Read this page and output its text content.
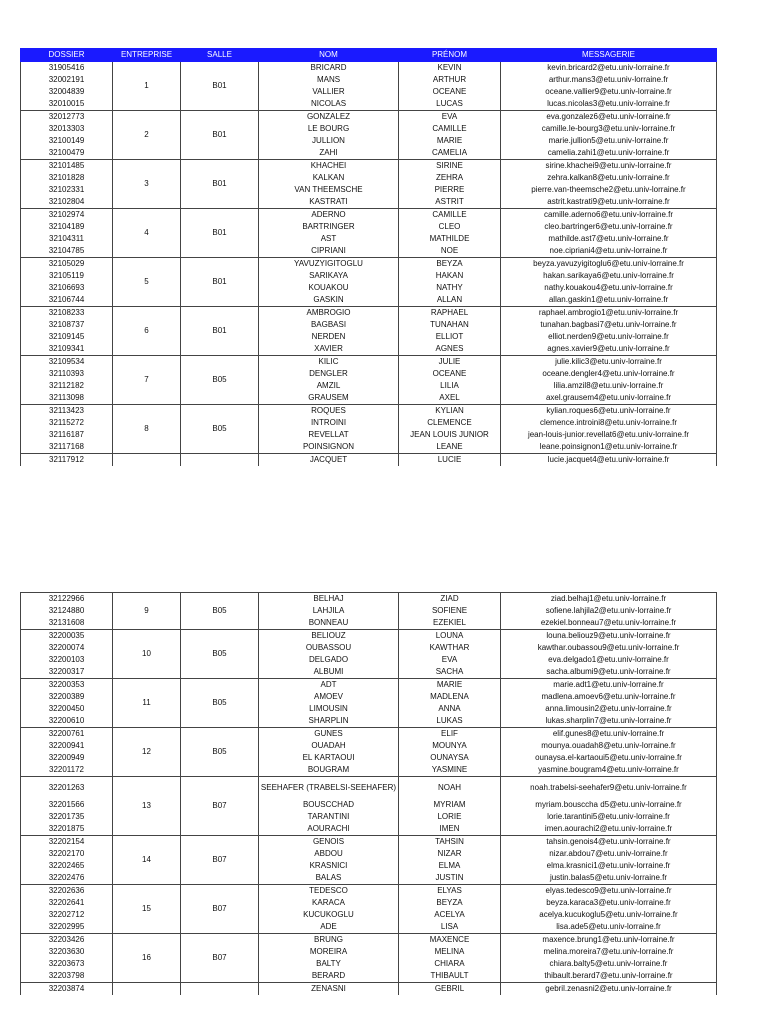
DOSSIER	ENTREPRISE	SALLE	NOM	PRÉNOM	MESSAGERIE
31905416	1	B01	BRICARD	KEVIN	kevin.bricard2@etu.univ-lorraine.fr
32002191			MANS	ARTHUR	arthur.mans3@etu.univ-lorraine.fr
32004839			VALLIER	OCEANE	oceane.vallier9@etu.univ-lorraine.fr
32010015			NICOLAS	LUCAS	lucas.nicolas3@etu.univ-lorraine.fr
32012773	2	B01	GONZALEZ	EVA	eva.gonzalez6@etu.univ-lorraine.fr
32013303			LE BOURG	CAMILLE	camille.le-bourg3@etu.univ-lorraine.fr
32100149			JULLION	MARIE	marie.jullion5@etu.univ-lorraine.fr
32100479			ZAHI	CAMELIA	camelia.zahi1@etu.univ-lorraine.fr
32101485	3	B01	KHACHEI	SIRINE	sirine.khachei9@etu.univ-lorraine.fr
32101828			KALKAN	ZEHRA	zehra.kalkan8@etu.univ-lorraine.fr
32102331			VAN THEEMSCHE	PIERRE	pierre.van-theemsche2@etu.univ-lorraine.fr
32102804			KASTRATI	ASTRIT	astrit.kastrati9@etu.univ-lorraine.fr
32102974	4	B01	ADERNO	CAMILLE	camille.aderno6@etu.univ-lorraine.fr
32104189			BARTRINGER	CLEO	cleo.bartringer6@etu.univ-lorraine.fr
32104311			AST	MATHILDE	mathilde.ast7@etu.univ-lorraine.fr
32104785			CIPRIANI	NOE	noe.cipriani4@etu.univ-lorraine.fr
32105029	5	B01	YAVUZYIGITOGLU	BEYZA	beyza.yavuzyigitoglu6@etu.univ-lorraine.fr
32105119			SARIKAYA	HAKAN	hakan.sarikaya6@etu.univ-lorraine.fr
32106693			KOUAKOU	NATHY	nathy.kouakou4@etu.univ-lorraine.fr
32106744			GASKIN	ALLAN	allan.gaskin1@etu.univ-lorraine.fr
32108233	6	B01	AMBROGIO	RAPHAEL	raphael.ambrogio1@etu.univ-lorraine.fr
32108737			BAGBASI	TUNAHAN	tunahan.bagbasi7@etu.univ-lorraine.fr
32109145			NERDEN	ELLIOT	elliot.nerden9@etu.univ-lorraine.fr
32109341			XAVIER	AGNES	agnes.xavier9@etu.univ-lorraine.fr
32109534	7	B05	KILIC	JULIE	julie.kilic3@etu.univ-lorraine.fr
32110393			DENGLER	OCEANE	oceane.dengler4@etu.univ-lorraine.fr
32112182			AMZIL	LILIA	lilia.amzil8@etu.univ-lorraine.fr
32113098			GRAUSEM	AXEL	axel.grausem4@etu.univ-lorraine.fr
32113423	8	B05	ROQUES	KYLIAN	kylian.roques6@etu.univ-lorraine.fr
32115272			INTROINI	CLEMENCE	clemence.introini8@etu.univ-lorraine.fr
32116187			REVELLAT	JEAN LOUIS JUNIOR	jean-louis-junior.revellat6@etu.univ-lorraine.fr
32117168			POINSIGNON	LEANE	leane.poinsignon1@etu.univ-lorraine.fr
32117912			JACQUET	LUCIE	lucie.jacquet4@etu.univ-lorraine.fr
32122966	9	B05	BELHAJ	ZIAD	ziad.belhaj1@etu.univ-lorraine.fr
32124880			LAHJILA	SOFIENE	sofiene.lahjila2@etu.univ-lorraine.fr
32131608			BONNEAU	EZEKIEL	ezekiel.bonneau7@etu.univ-lorraine.fr
32200035	10	B05	BELIOUZ	LOUNA	louna.beliouz9@etu.univ-lorraine.fr
32200074			OUBASSOU	KAWTHAR	kawthar.oubassou9@etu.univ-lorraine.fr
32200103			DELGADO	EVA	eva.delgado1@etu.univ-lorraine.fr
32200317			ALBUMI	SACHA	sacha.albumi9@etu.univ-lorraine.fr
32200353	11	B05	ADT	MARIE	marie.adt1@etu.univ-lorraine.fr
32200389			AMOEV	MADLENA	madlena.amoev6@etu.univ-lorraine.fr
32200450			LIMOUSIN	ANNA	anna.limousin2@etu.univ-lorraine.fr
32200610			SHARPLIN	LUKAS	lukas.sharplin7@etu.univ-lorraine.fr
32200761	12	B05	GUNES	ELIF	elif.gunes8@etu.univ-lorraine.fr
32200941			OUADAH	MOUNYA	mounya.ouadah8@etu.univ-lorraine.fr
32200949			EL KARTAOUI	OUNAYSA	ounaysa.el-kartaoui5@etu.univ-lorraine.fr
32201172			BOUGRAM	YASMINE	yasmine.bougram4@etu.univ-lorraine.fr
32201263	13	B07	SEEHAFER (TRABELSI-SEEHAFER)	NOAH	noah.trabelsi-seehafer9@etu.univ-lorraine.fr
32201566			BOUSCCHAD	MYRIAM	myriam.bousccha d5@etu.univ-lorraine.fr
32201735			TARANTINI	LORIE	lorie.tarantini5@etu.univ-lorraine.fr
32201875			AOURACHI	IMEN	imen.aourachi2@etu.univ-lorraine.fr
32202154	14	B07	GENOIS	TAHSIN	tahsin.genois4@etu.univ-lorraine.fr
32202170			ABDOU	NIZAR	nizar.abdou7@etu.univ-lorraine.fr
32202465			KRASNICI	ELMA	elma.krasnici1@etu.univ-lorraine.fr
32202476			BALAS	JUSTIN	justin.balas5@etu.univ-lorraine.fr
32202636	15	B07	TEDESCO	ELYAS	elyas.tedesco9@etu.univ-lorraine.fr
32202641			KARACA	BEYZA	beyza.karaca3@etu.univ-lorraine.fr
32202712			KUCUKOGLU	ACELYA	acelya.kucukoglu5@etu.univ-lorraine.fr
32202995			ADE	LISA	lisa.ade5@etu.univ-lorraine.fr
32203426	16	B07	BRUNG	MAXENCE	maxence.brung1@etu.univ-lorraine.fr
32203630			MOREIRA	MELINA	melina.moreira7@etu.univ-lorraine.fr
32203673			BALTY	CHIARA	chiara.balty5@etu.univ-lorraine.fr
32203798			BERARD	THIBAULT	thibault.berard7@etu.univ-lorraine.fr
32203874			ZENASNI	GEBRIL	gebril.zenasni2@etu.univ-lorraine.fr
